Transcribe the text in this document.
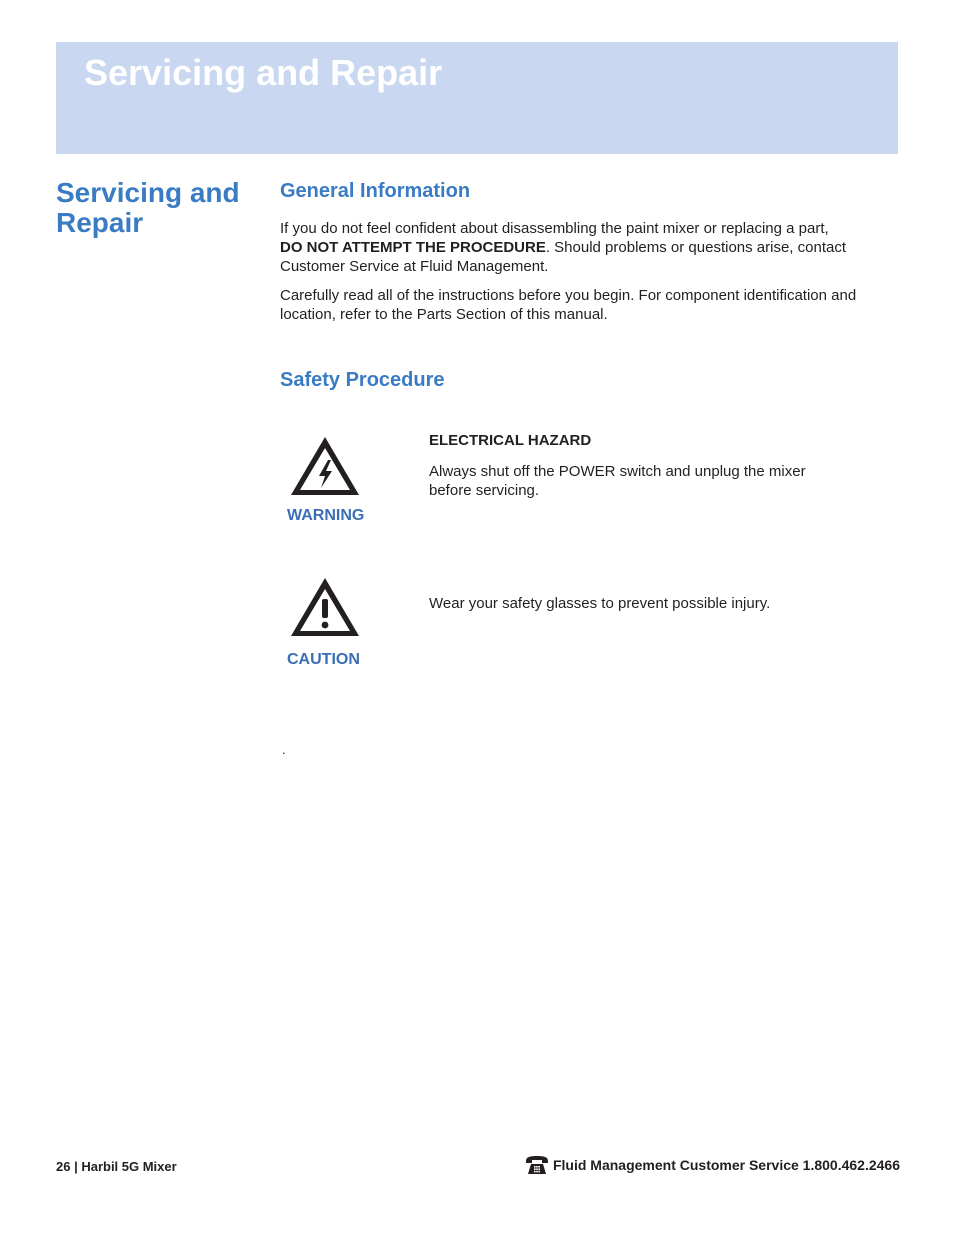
Servicing and Repair
Servicing and Repair
General Information

If you do not feel confident about disassembling the paint mixer or replacing a part,
DO NOT ATTEMPT THE PROCEDURE. Should problems or questions arise, contact Customer Service at Fluid Management.

Carefully read all of the instructions before you begin. For component identification and location, refer to the Parts Section of this manual.

Safety Procedure

WARNING

ELECTRICAL HAZARD

Always shut off the POWER switch and unplug the mixer before servicing.

CAUTION

Wear your safety glasses to prevent possible injury.

.
26 | Harbil 5G Mixer	Fluid Management Customer Service 1.800.462.2466
